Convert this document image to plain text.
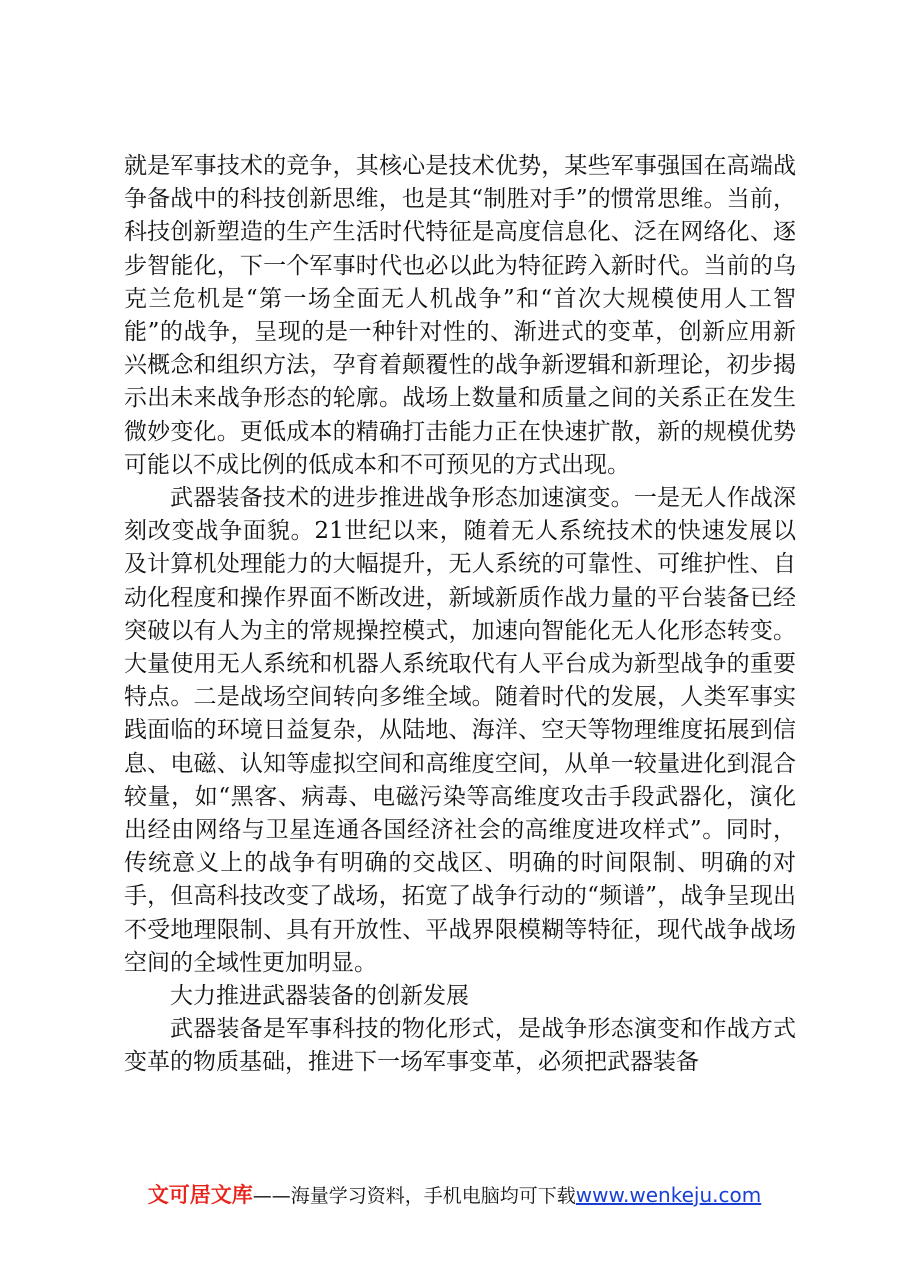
就是军事技术的竞争，其核心是技术优势，某些军事强国在高端战争备战中的科技创新思维，也是其“制胜对手”的惯常思维。当前，科技创新塑造的生产生活时代特征是高度信息化、泛在网络化、逐步智能化，下一个军事时代也必以此为特征跨入新时代。当前的乌克兰危机是“第一场全面无人机战争”和“首次大规模使用人工智能”的战争，呈现的是一种针对性的、渐进式的变革，创新应用新兴概念和组织方法，孕育着颠覆性的战争新逻辑和新理论，初步揭示出未来战争形态的轮廓。战场上数量和质量之间的关系正在发生微妙变化。更低成本的精确打击能力正在快速扩散，新的规模优势可能以不成比例的低成本和不可预见的方式出现。

武器装备技术的进步推进战争形态加速演变。一是无人作战深刻改变战争面貌。21世纪以来，随着无人系统技术的快速发展以及计算机处理能力的大幅提升，无人系统的可靠性、可维护性、自动化程度和操作界面不断改进，新域新质作战力量的平台装备已经突破以有人为主的常规操控模式，加速向智能化无人化形态转变。大量使用无人系统和机器人系统取代有人平台成为新型战争的重要特点。二是战场空间转向多维全域。随着时代的发展，人类军事实践面临的环境日益复杂，从陆地、海洋、空天等物理维度拓展到信息、电磁、认知等虚拟空间和高维度空间，从单一较量进化到混合较量，如“黑客、病毒、电磁污染等高维度攻击手段武器化，演化出经由网络与卫星连通各国经济社会的高维度进攻样式”。同时，传统意义上的战争有明确的交战区、明确的时间限制、明确的对手，但高科技改变了战场，拓宽了战争行动的“频谱”，战争呈现出不受地理限制、具有开放性、平战界限模糊等特征，现代战争战场空间的全域性更加明显。

大力推进武器装备的创新发展

武器装备是军事科技的物化形式，是战争形态演变和作战方式变革的物质基础，推进下一场军事变革，必须把武器装备

文可居文库——海量学习资料，手机电脑均可下载www.wenkeju.com
